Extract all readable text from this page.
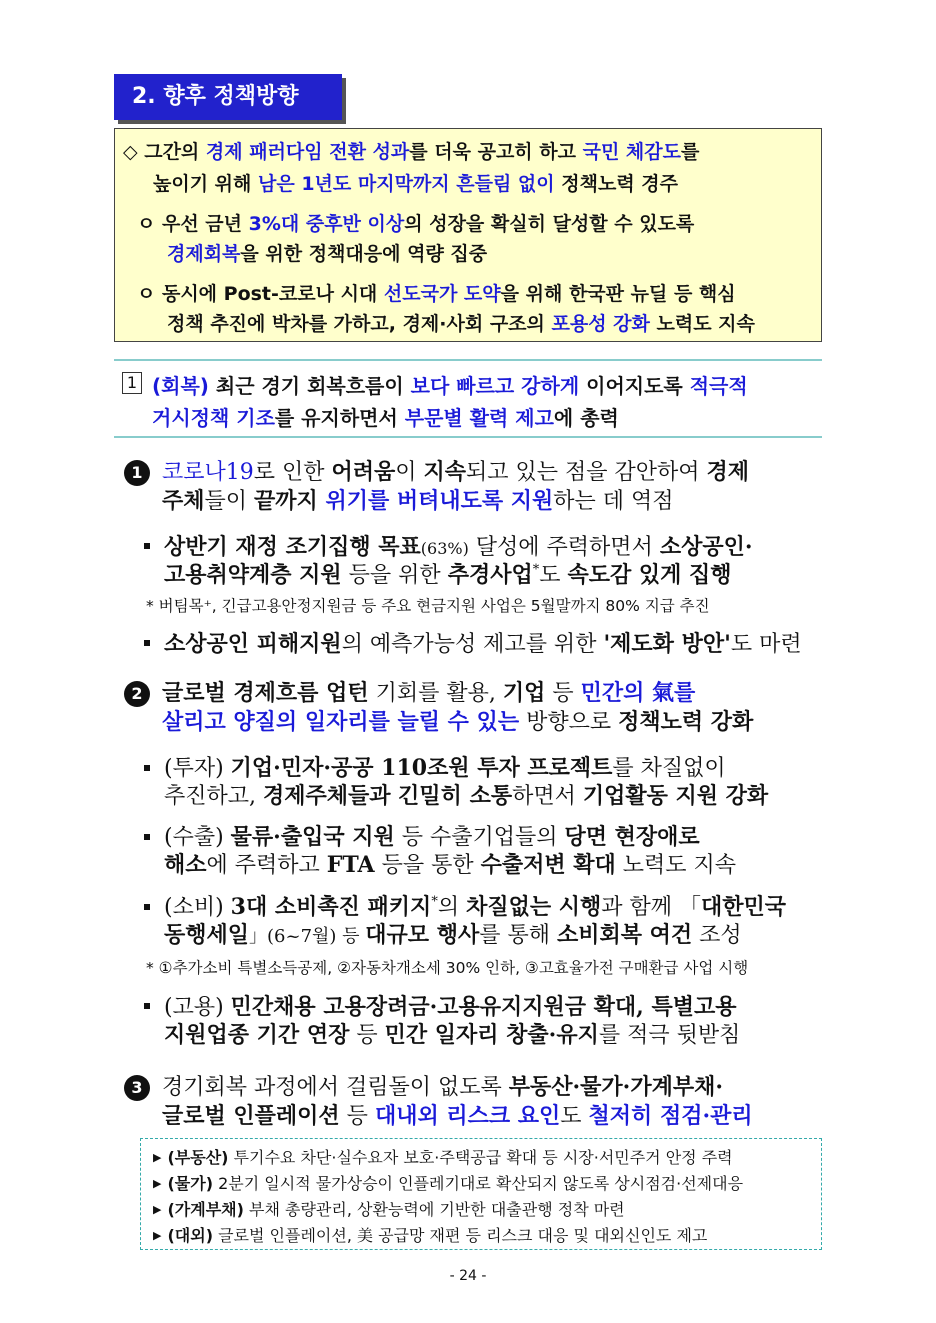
2. 향후 정책방향
◇ 그간의 경제 패러다임 전환 성과를 더욱 공고히 하고 국민 체감도를
높이기 위해 남은 1년도 마지막까지 흔들림 없이 정책노력 경주
ㅇ 우선 금년 3%대 중후반 이상의 성장을 확실히 달성할 수 있도록
경제회복을 위한 정책대응에 역량 집중
ㅇ 동시에 Post-코로나 시대 선도국가 도약을 위해 한국판 뉴딜 등 핵심
정책 추진에 박차를 가하고, 경제·사회 구조의 포용성 강화 노력도 지속
1 (회복) 최근 경기 회복흐름이 보다 빠르고 강하게 이어지도록 적극적
거시정책 기조를 유지하면서 부문별 활력 제고에 총력
1 코로나19로 인한 어려움이 지속되고 있는 점을 감안하여 경제
주체들이 끝까지 위기를 버텨내도록 지원하는 데 역점
상반기 재정 조기집행 목표(63%) 달성에 주력하면서 소상공인·
고용취약계층 지원 등을 위한 추경사업*도 속도감 있게 집행
* 버팀목⁺, 긴급고용안정지원금 등 주요 현금지원 사업은 5월말까지 80% 지급 추진
소상공인 피해지원의 예측가능성 제고를 위한 '제도화 방안'도 마련
2 글로벌 경제흐름 업턴 기회를 활용, 기업 등 민간의 氣를
살리고 양질의 일자리를 늘릴 수 있는 방향으로 정책노력 강화
(투자) 기업·민자·공공 110조원 투자 프로젝트를 차질없이
추진하고, 경제주체들과 긴밀히 소통하면서 기업활동 지원 강화
(수출) 물류·출입국 지원 등 수출기업들의 당면 현장애로
해소에 주력하고 FTA 등을 통한 수출저변 확대 노력도 지속
(소비) 3대 소비촉진 패키지*의 차질없는 시행과 함께 「대한민국
동행세일」(6~7월) 등 대규모 행사를 통해 소비회복 여건 조성
* ①추가소비 특별소득공제, ②자동차개소세 30% 인하, ③고효율가전 구매환급 사업 시행
(고용) 민간채용 고용장려금·고용유지지원금 확대, 특별고용
지원업종 기간 연장 등 민간 일자리 창출·유지를 적극 뒷받침
3 경기회복 과정에서 걸림돌이 없도록 부동산·물가·가계부채·
글로벌 인플레이션 등 대내외 리스크 요인도 철저히 점검·관리
▶ (부동산) 투기수요 차단·실수요자 보호·주택공급 확대 등 시장·서민주거 안정 주력
▶ (물가) 2분기 일시적 물가상승이 인플레기대로 확산되지 않도록 상시점검·선제대응
▶ (가계부채) 부채 총량관리, 상환능력에 기반한 대출관행 정착 마련
▶ (대외) 글로벌 인플레이션, 美 공급망 재편 등 리스크 대응 및 대외신인도 제고
- 24 -
